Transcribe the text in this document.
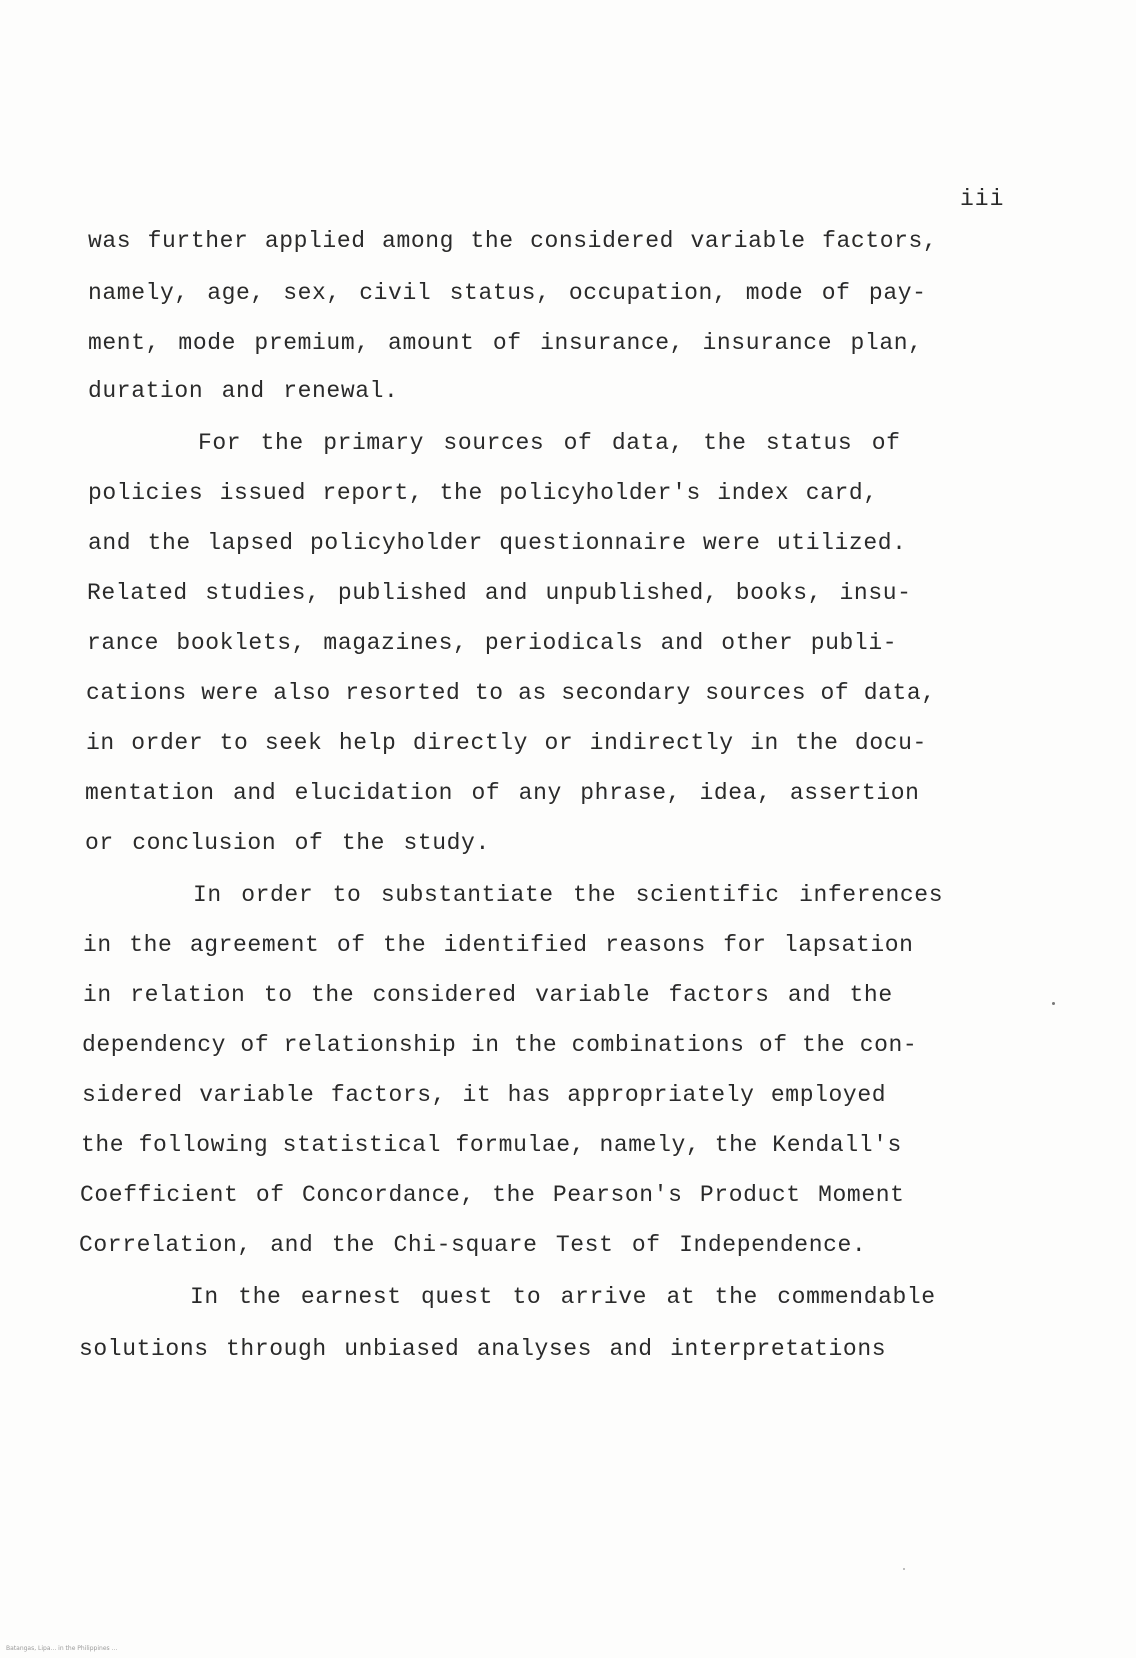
iii
was further applied among the considered variable factors,
namely, age, sex, civil status, occupation, mode of pay-
ment, mode premium, amount of insurance, insurance plan,
duration and renewal.
For the primary sources of data, the status of
policies issued report, the policyholder's index card,
and the lapsed policyholder questionnaire were utilized.
Related studies, published and unpublished, books, insu-
rance booklets, magazines, periodicals and other publi-
cations were also resorted to as secondary sources of data,
in order to seek help directly or indirectly in the docu-
mentation and elucidation of any phrase, idea, assertion
or conclusion of the study.
In order to substantiate the scientific inferences
in the agreement of the identified reasons for lapsation
in relation to the considered variable factors and the
dependency of relationship in the combinations of the con-
sidered variable factors, it has appropriately employed
the following statistical formulae, namely, the Kendall's
Coefficient of Concordance, the Pearson's Product Moment
Correlation, and the Chi-square Test of Independence.
In the earnest quest to arrive at the commendable
solutions through unbiased analyses and interpretations
Batangas, Lipa... in the Philippines ...
